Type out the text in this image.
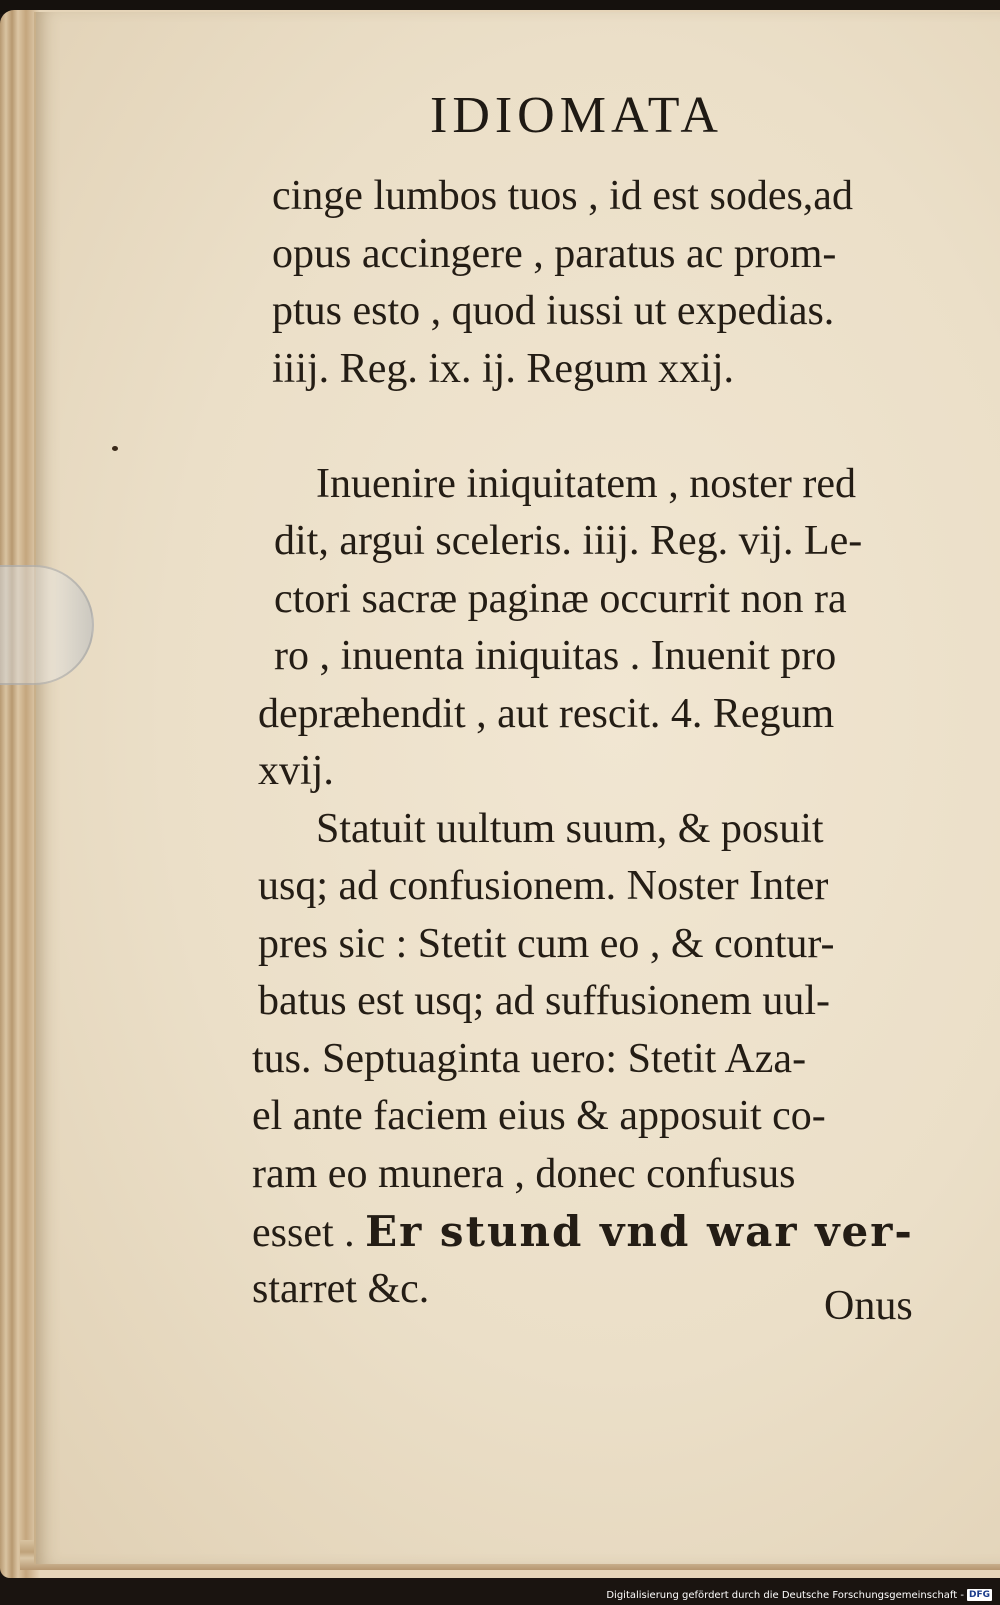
IDIOMATA
cinge lumbos tuos , id est sodes,ad
opus accingere , paratus ac prom-
ptus esto , quod iussi ut expedias.
iiij. Reg. ix. ij. Regum xxij.
Inuenire iniquitatem , noster red
dit, argui sceleris. iiij. Reg. vij. Le-
ctori sacræ paginæ occurrit non ra
ro , inuenta iniquitas . Inuenit pro
depræhendit , aut rescit. 4. Regum
xvij.
Statuit uultum suum, & posuit
usq; ad confusionem. Noster Inter
pres sic : Stetit cum eo , & contur-
batus est usq; ad suffusionem uul-
tus. Septuaginta uero: Stetit Aza-
el ante faciem eius & apposuit co-
ram eo munera , donec confusus
esset . Er stund vnd war ver-
starret &c.	Onus
Digitalisierung gefördert durch die Deutsche Forschungsgemeinschaft - DFG
